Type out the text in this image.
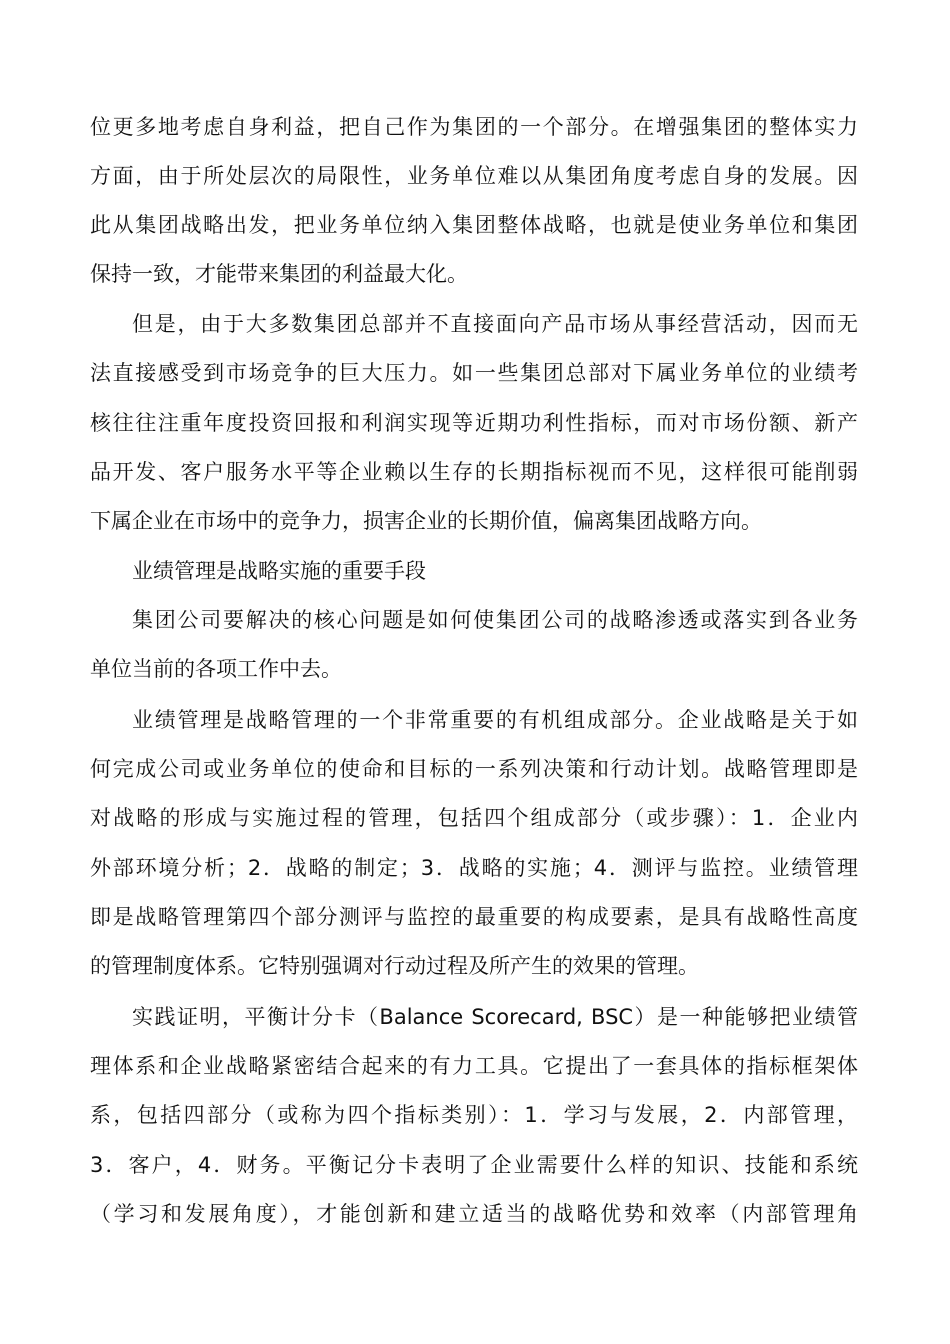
位更多地考虑自身利益，把自己作为集团的一个部分。在增强集团的整体实力
方面，由于所处层次的局限性，业务单位难以从集团角度考虑自身的发展。因
此从集团战略出发，把业务单位纳入集团整体战略，也就是使业务单位和集团
保持一致，才能带来集团的利益最大化。
但是，由于大多数集团总部并不直接面向产品市场从事经营活动，因而无
法直接感受到市场竞争的巨大压力。如一些集团总部对下属业务单位的业绩考
核往往注重年度投资回报和利润实现等近期功利性指标，而对市场份额、新产
品开发、客户服务水平等企业赖以生存的长期指标视而不见，这样很可能削弱
下属企业在市场中的竞争力，损害企业的长期价值，偏离集团战略方向。
业绩管理是战略实施的重要手段
集团公司要解决的核心问题是如何使集团公司的战略渗透或落实到各业务
单位当前的各项工作中去。
业绩管理是战略管理的一个非常重要的有机组成部分。企业战略是关于如
何完成公司或业务单位的使命和目标的一系列决策和行动计划。战略管理即是
对战略的形成与实施过程的管理，包括四个组成部分（或步骤）：1．企业内
外部环境分析；2．战略的制定；3．战略的实施；4．测评与监控。业绩管理
即是战略管理第四个部分测评与监控的最重要的构成要素，是具有战略性高度
的管理制度体系。它特别强调对行动过程及所产生的效果的管理。
实践证明，平衡计分卡（Balance Scorecard, BSC）是一种能够把业绩管
理体系和企业战略紧密结合起来的有力工具。它提出了一套具体的指标框架体
系，包括四部分（或称为四个指标类别）：1．学习与发展，2．内部管理，
3．客户，4．财务。平衡记分卡表明了企业需要什么样的知识、技能和系统
（学习和发展角度），才能创新和建立适当的战略优势和效率（内部管理角
